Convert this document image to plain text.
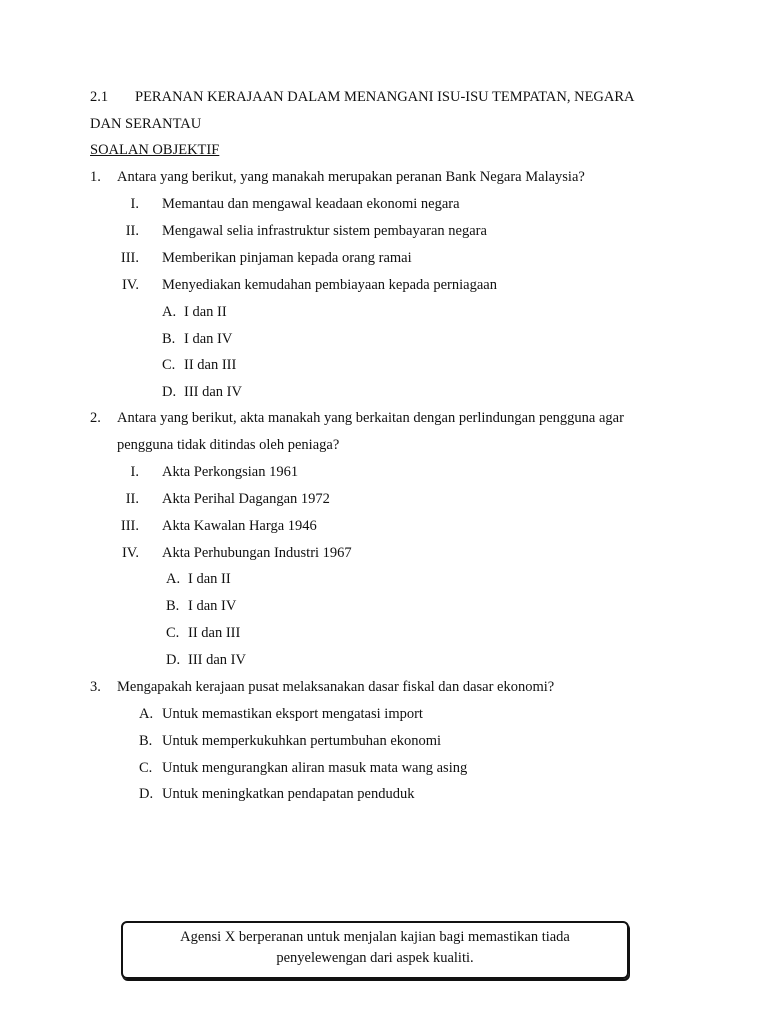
2.1 PERANAN KERAJAAN DALAM MENANGANI ISU-ISU TEMPATAN, NEGARA
DAN SERANTAU
SOALAN OBJEKTIF
1. Antara yang berikut, yang manakah merupakan peranan Bank Negara Malaysia?
I. Memantau dan mengawal keadaan ekonomi negara
II. Mengawal selia infrastruktur sistem pembayaran negara
III. Memberikan pinjaman kepada orang ramai
IV. Menyediakan kemudahan pembiayaan kepada perniagaan
A. I dan II
B. I dan IV
C. II dan III
D. III dan IV
2. Antara yang berikut, akta manakah yang berkaitan dengan perlindungan pengguna agar
pengguna tidak ditindas oleh peniaga?
I. Akta Perkongsian 1961
II. Akta Perihal Dagangan 1972
III. Akta Kawalan Harga 1946
IV. Akta Perhubungan Industri 1967
A. I dan II
B. I dan IV
C. II dan III
D. III dan IV
3. Mengapakah kerajaan pusat melaksanakan dasar fiskal dan dasar ekonomi?
A. Untuk memastikan eksport mengatasi import
B. Untuk memperkukuhkan pertumbuhan ekonomi
C. Untuk mengurangkan aliran masuk mata wang asing
D. Untuk meningkatkan pendapatan penduduk
Agensi X berperanan untuk menjalan kajian bagi memastikan tiada
penyelewengan dari aspek kualiti.
